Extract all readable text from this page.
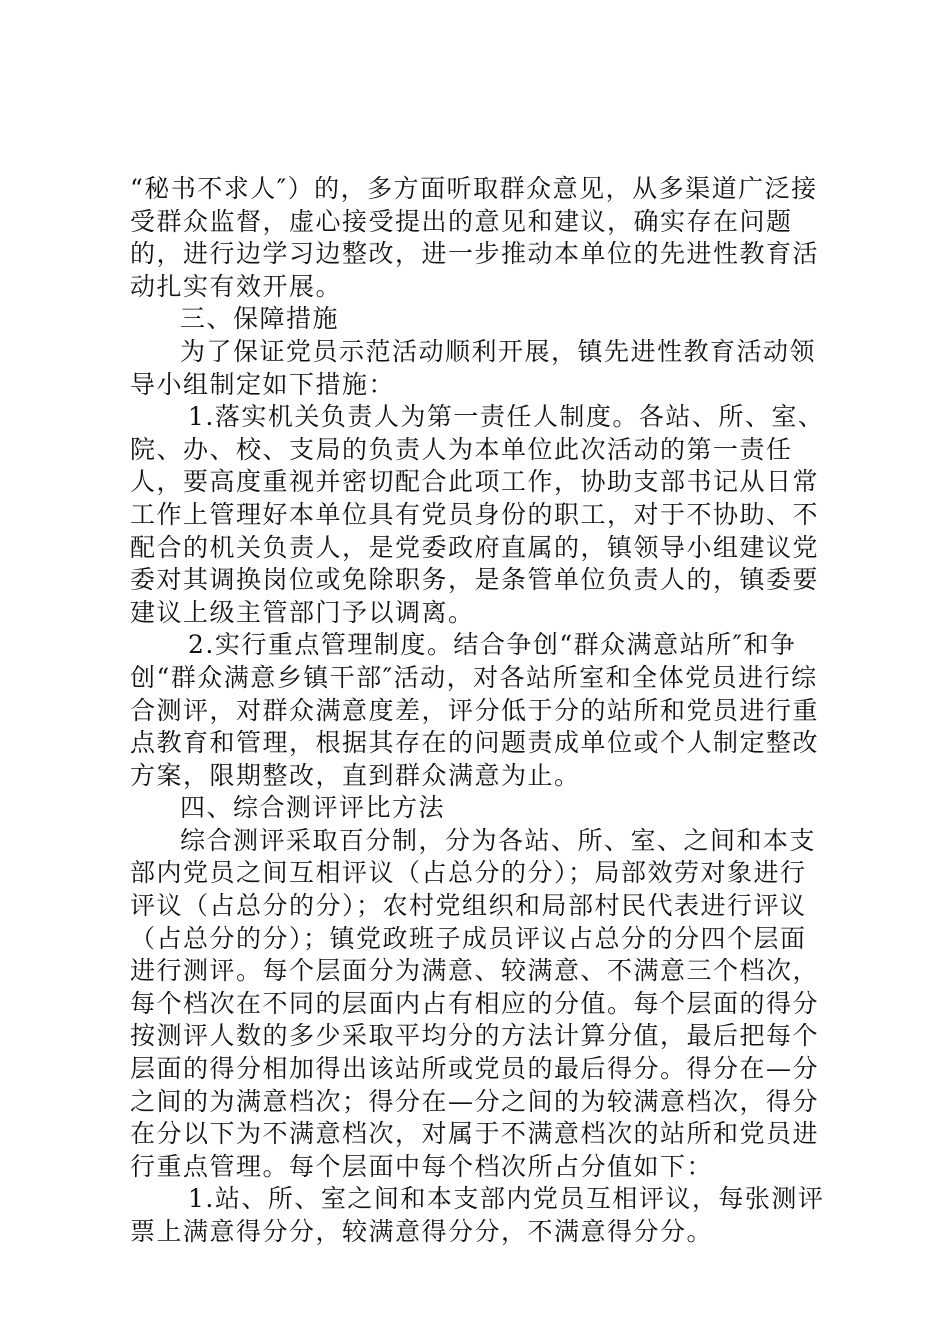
“秘书不求人″）的，多方面听取群众意见，从多渠道广泛接受群众监督，虚心接受提出的意见和建议，确实存在问题的，进行边学习边整改，进一步推动本单位的先进性教育活动扎实有效开展。

三、保障措施

为了保证党员示范活动顺利开展，镇先进性教育活动领导小组制定如下措施：

1.落实机关负责人为第一责任人制度。各站、所、室、院、办、校、支局的负责人为本单位此次活动的第一责任人，要高度重视并密切配合此项工作，协助支部书记从日常工作上管理好本单位具有党员身份的职工，对于不协助、不配合的机关负责人，是党委政府直属的，镇领导小组建议党委对其调换岗位或免除职务，是条管单位负责人的，镇委要建议上级主管部门予以调离。

2.实行重点管理制度。结合争创“群众满意站所″和争创“群众满意乡镇干部″活动，对各站所室和全体党员进行综合测评，对群众满意度差，评分低于分的站所和党员进行重点教育和管理，根据其存在的问题责成单位或个人制定整改方案，限期整改，直到群众满意为止。

四、综合测评评比方法

综合测评采取百分制，分为各站、所、室、之间和本支部内党员之间互相评议（占总分的分）；局部效劳对象进行评议（占总分的分）；农村党组织和局部村民代表进行评议（占总分的分）；镇党政班子成员评议占总分的分四个层面进行测评。每个层面分为满意、较满意、不满意三个档次，每个档次在不同的层面内占有相应的分值。每个层面的得分按测评人数的多少采取平均分的方法计算分值，最后把每个层面的得分相加得出该站所或党员的最后得分。得分在—分之间的为满意档次；得分在—分之间的为较满意档次，得分在分以下为不满意档次，对属于不满意档次的站所和党员进行重点管理。每个层面中每个档次所占分值如下：

1.站、所、室之间和本支部内党员互相评议，每张测评票上满意得分分，较满意得分分，不满意得分分。
